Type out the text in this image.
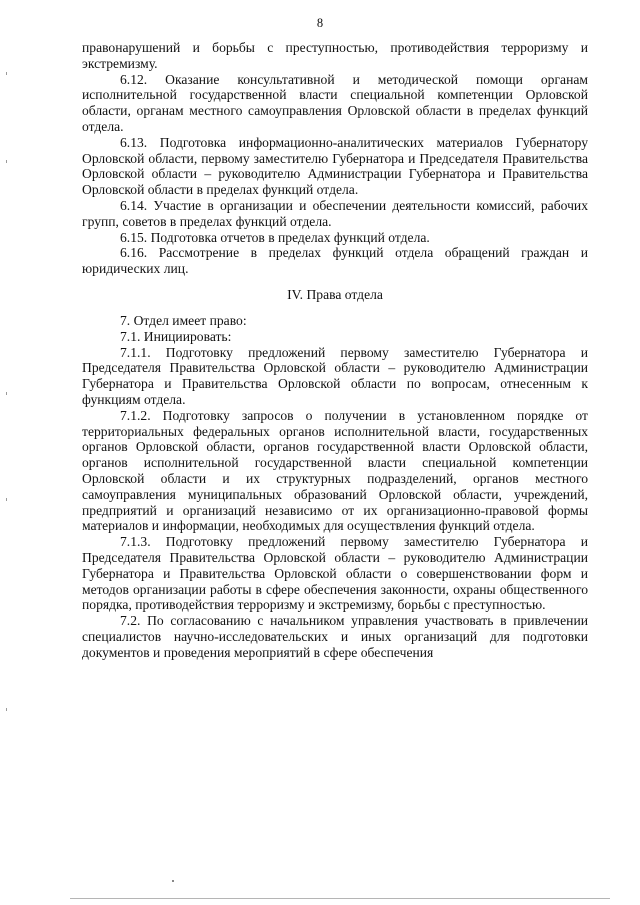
8

правонарушений и борьбы с преступностью, противодействия терроризму и экстремизму.

6.12. Оказание консультативной и методической помощи органам исполнительной государственной власти специальной компетенции Орловской области, органам местного самоуправления Орловской области в пределах функций отдела.

6.13. Подготовка информационно-аналитических материалов Губернатору Орловской области, первому заместителю Губернатора и Председателя Правительства Орловской области – руководителю Администрации Губернатора и Правительства Орловской области в пределах функций отдела.

6.14. Участие в организации и обеспечении деятельности комиссий, рабочих групп, советов в пределах функций отдела.

6.15. Подготовка отчетов в пределах функций отдела.

6.16. Рассмотрение в пределах функций отдела обращений граждан и юридических лиц.

IV. Права отдела

7. Отдел имеет право:

7.1. Инициировать:

7.1.1. Подготовку предложений первому заместителю Губернатора и Председателя Правительства Орловской области – руководителю Администрации Губернатора и Правительства Орловской области по вопросам, отнесенным к функциям отдела.

7.1.2. Подготовку запросов о получении в установленном порядке от территориальных федеральных органов исполнительной власти, государственных органов Орловской области, органов государственной власти Орловской области, органов исполнительной государственной власти специальной компетенции Орловской области и их структурных подразделений, органов местного самоуправления муниципальных образований Орловской области, учреждений, предприятий и организаций независимо от их организационно-правовой формы материалов и информации, необходимых для осуществления функций отдела.

7.1.3. Подготовку предложений первому заместителю Губернатора и Председателя Правительства Орловской области – руководителю Администрации Губернатора и Правительства Орловской области о совершенствовании форм и методов организации работы в сфере обеспечения законности, охраны общественного порядка, противодействия терроризму и экстремизму, борьбы с преступностью.

7.2. По согласованию с начальником управления участвовать в привлечении специалистов научно-исследовательских и иных организаций для подготовки документов и проведения мероприятий в сфере обеспечения
